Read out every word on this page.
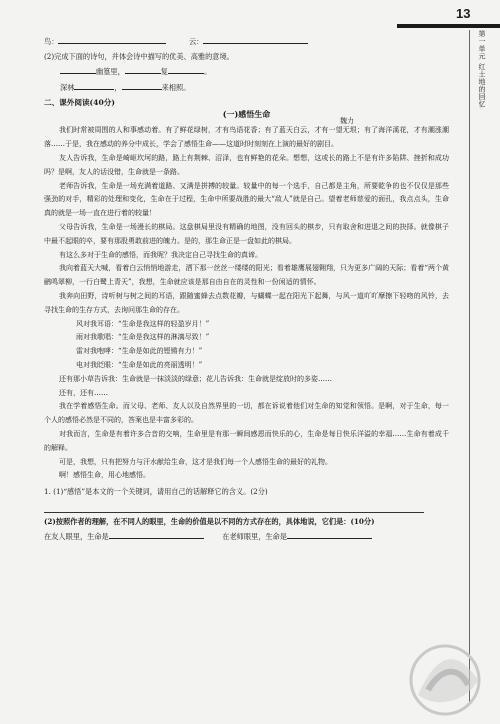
13
第一单元 红土地的回忆
鸟：	云：
(2)完成下面的诗句，并体会诗中描写的优美、高雅的意境。
幽篁里，	复	。
深林	，	来相照。
二、课外阅读(40分)
(一)感悟生命
魏力
我们时常被周围的人和事感动着。有了鲜花绿树，才有鸟语花香；有了蓝天白云，才有一望无垠；有了海洋溪花，才有潮涨潮落……于是，我在感动的养分中成长，学会了感悟生命——这道时时刻刻在上演的最好的剧目。
友人告诉我，生命是崎岖坎坷的路，路上有荆棘、沼泽，也有鲜艳的花朵。想想，这或长的路上不是有许多陷阱、挫折和成功吗？是啊，友人的话没错，生命就是一条路。
老师告诉我，生命是一场充满着道路、又满是拼搏的较量。较量中的每一个选手，自己都是主角，所要乾争的也不仅仅是那些强劲的对手，精彩的处理和变化，生命在于过程，生命中所要战胜的最大“敌人”就是自己。望着老师慈爱的面孔，我点点头，生命真的就是一场一直在进行着的较量！
父母告诉我，生命是一场漫长的棋局。这盘棋局里没有精确的地图，没有回头的棋步，只有取舍和进退之间的抉择。就像棋子中最不起眼的卒，要有那股勇敢前进的魄力。是的，那生命正是一盘如此的棋局。
有这么多对于生命的感悟，而我呢？我决定自己寻找生命的真谛。
我向着蓝天大喊，看着白云悄悄地游走，洒下那一丝丝一缕缕的阳光；看着雄鹰展翅翱翔，只为更多广阔的天际；看着“两个黄鹂鸣翠柳，一行白鹭上青天”，我想，生命就应该是那自由自在的灵性和一份闲适的情怀。
我奔向田野，诗听树与树之间的耳语，跟随蜜蜂去点数花瓣，与蝴蝶一起在阳光下起舞，与风一道吖吖摩擦下轻吻的风铃，去寻找生命的生存方式，去询问那生命的存在。
风对我耳语：“生命是我这样的轻盈岁月！”
雨对我歌唱：“生命是我这样的淋漓尽致！”
雷对我咆哮：“生命是如此的铿锵有力！”
电对我眨眼：“生命是如此的亮丽透明！”
还有那小草告诉我：生命就是一抹淡淡的绿意；花儿告诉我：生命就是绽放时的多姿……
还有，还有……
我在学着感悟生命。而父母、老师、友人以及自然界里的一切，都在诉说着他们对生命的知觉和领悟。是啊，对于生命，每一个人的感悟必然是不同的，答案也是丰富多彩的。
对我而言，生命是有着许多合音的交响，生命里是有那一瞬间感恩而快乐的心，生命是每日快乐洋溢的幸福……生命有着成千的解释。
可是，我想，只有把努力与汗水献给生命，这才是我们每一个人感悟生命的最好的礼物。
啊！感悟生命，用心地感悟。
1. (1)“感悟”是本文的一个关键词，请用自己的话解释它的含义。(2分)
(2)按照作者的理解，在不同人的眼里，生命的价值是以不同的方式存在的，具体地说，它们是：(10分)
在友人眼里，生命是	在老师眼里，生命是
